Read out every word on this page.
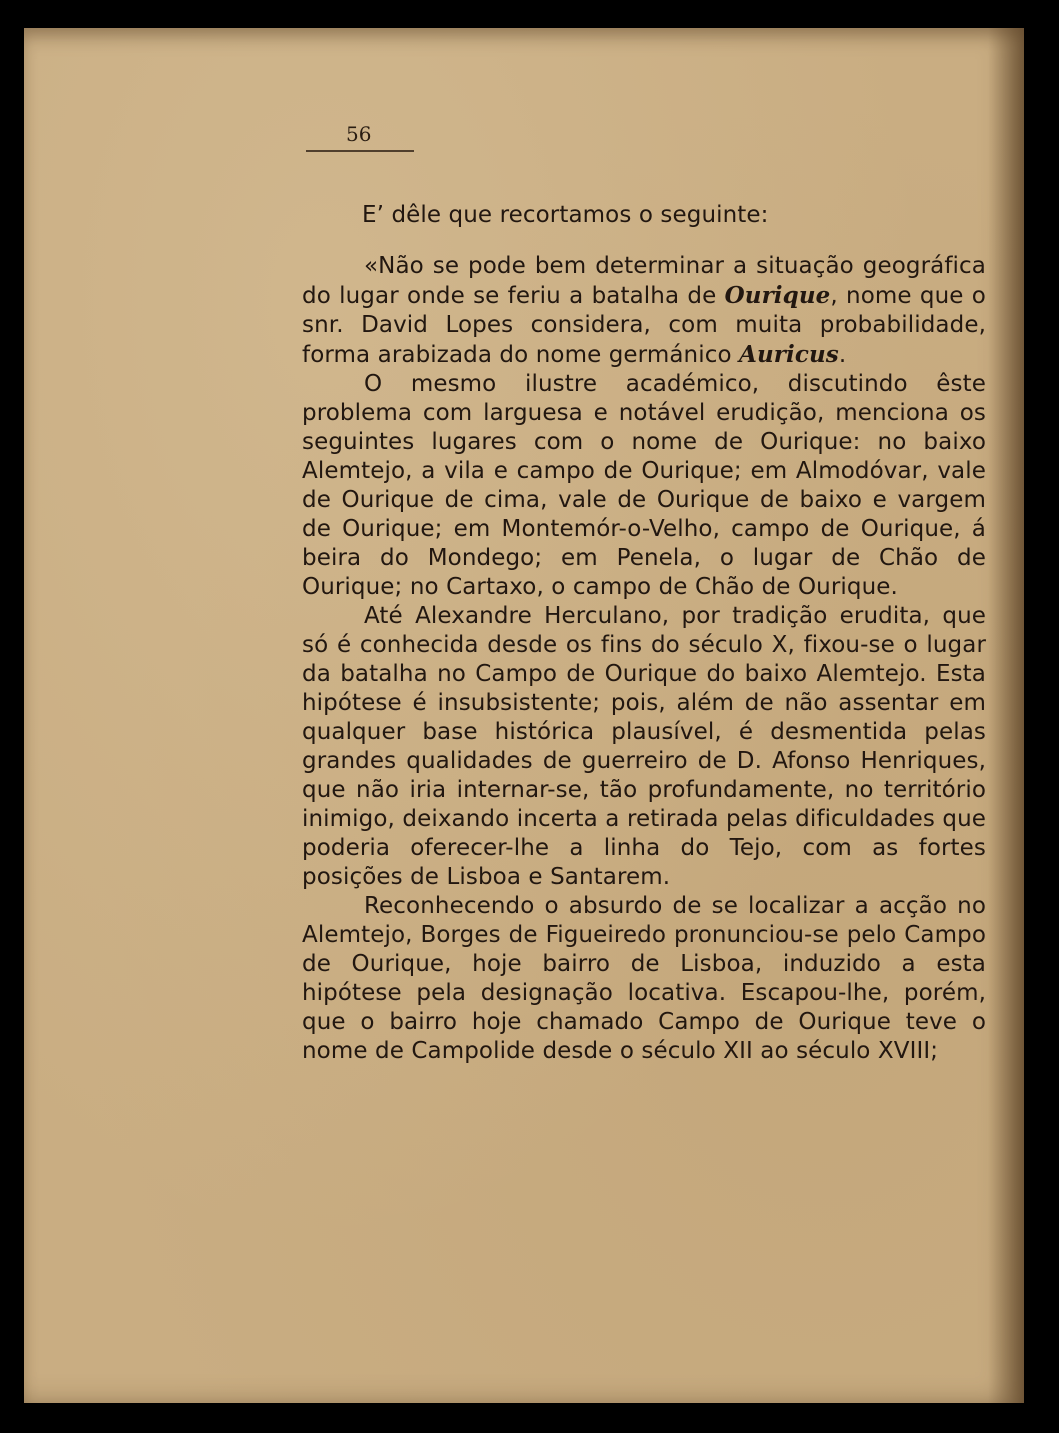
56

E’ dêle que recortamos o seguinte:

«Não se pode bem determinar a situação geográfica do lugar onde se feriu a batalha de Ourique, nome que o snr. David Lopes considera, com muita probabilidade, forma arabizada do nome germánico Auricus.

O mesmo ilustre académico, discutindo êste problema com larguesa e notável erudição, menciona os seguintes lugares com o nome de Ourique: no baixo Alemtejo, a vila e campo de Ourique; em Almodóvar, vale de Ourique de cima, vale de Ourique de baixo e vargem de Ourique; em Montemór-o-Velho, campo de Ourique, á beira do Mondego; em Penela, o lugar de Chão de Ourique; no Cartaxo, o campo de Chão de Ourique.

Até Alexandre Herculano, por tradição erudita, que só é conhecida desde os fins do século X, fixou-se o lugar da batalha no Campo de Ourique do baixo Alemtejo. Esta hipótese é insubsistente; pois, além de não assentar em qualquer base histórica plausível, é desmentida pelas grandes qualidades de guerreiro de D. Afonso Henriques, que não iria internar-se, tão profundamente, no território inimigo, deixando incerta a retirada pelas dificuldades que poderia oferecer-lhe a linha do Tejo, com as fortes posições de Lisboa e Santarem.

Reconhecendo o absurdo de se localizar a acção no Alemtejo, Borges de Figueiredo pronunciou-se pelo Campo de Ourique, hoje bairro de Lisboa, induzido a esta hipótese pela designação locativa. Escapou-lhe, porém, que o bairro hoje chamado Campo de Ourique teve o nome de Campolide desde o século XII ao século XVIII;
